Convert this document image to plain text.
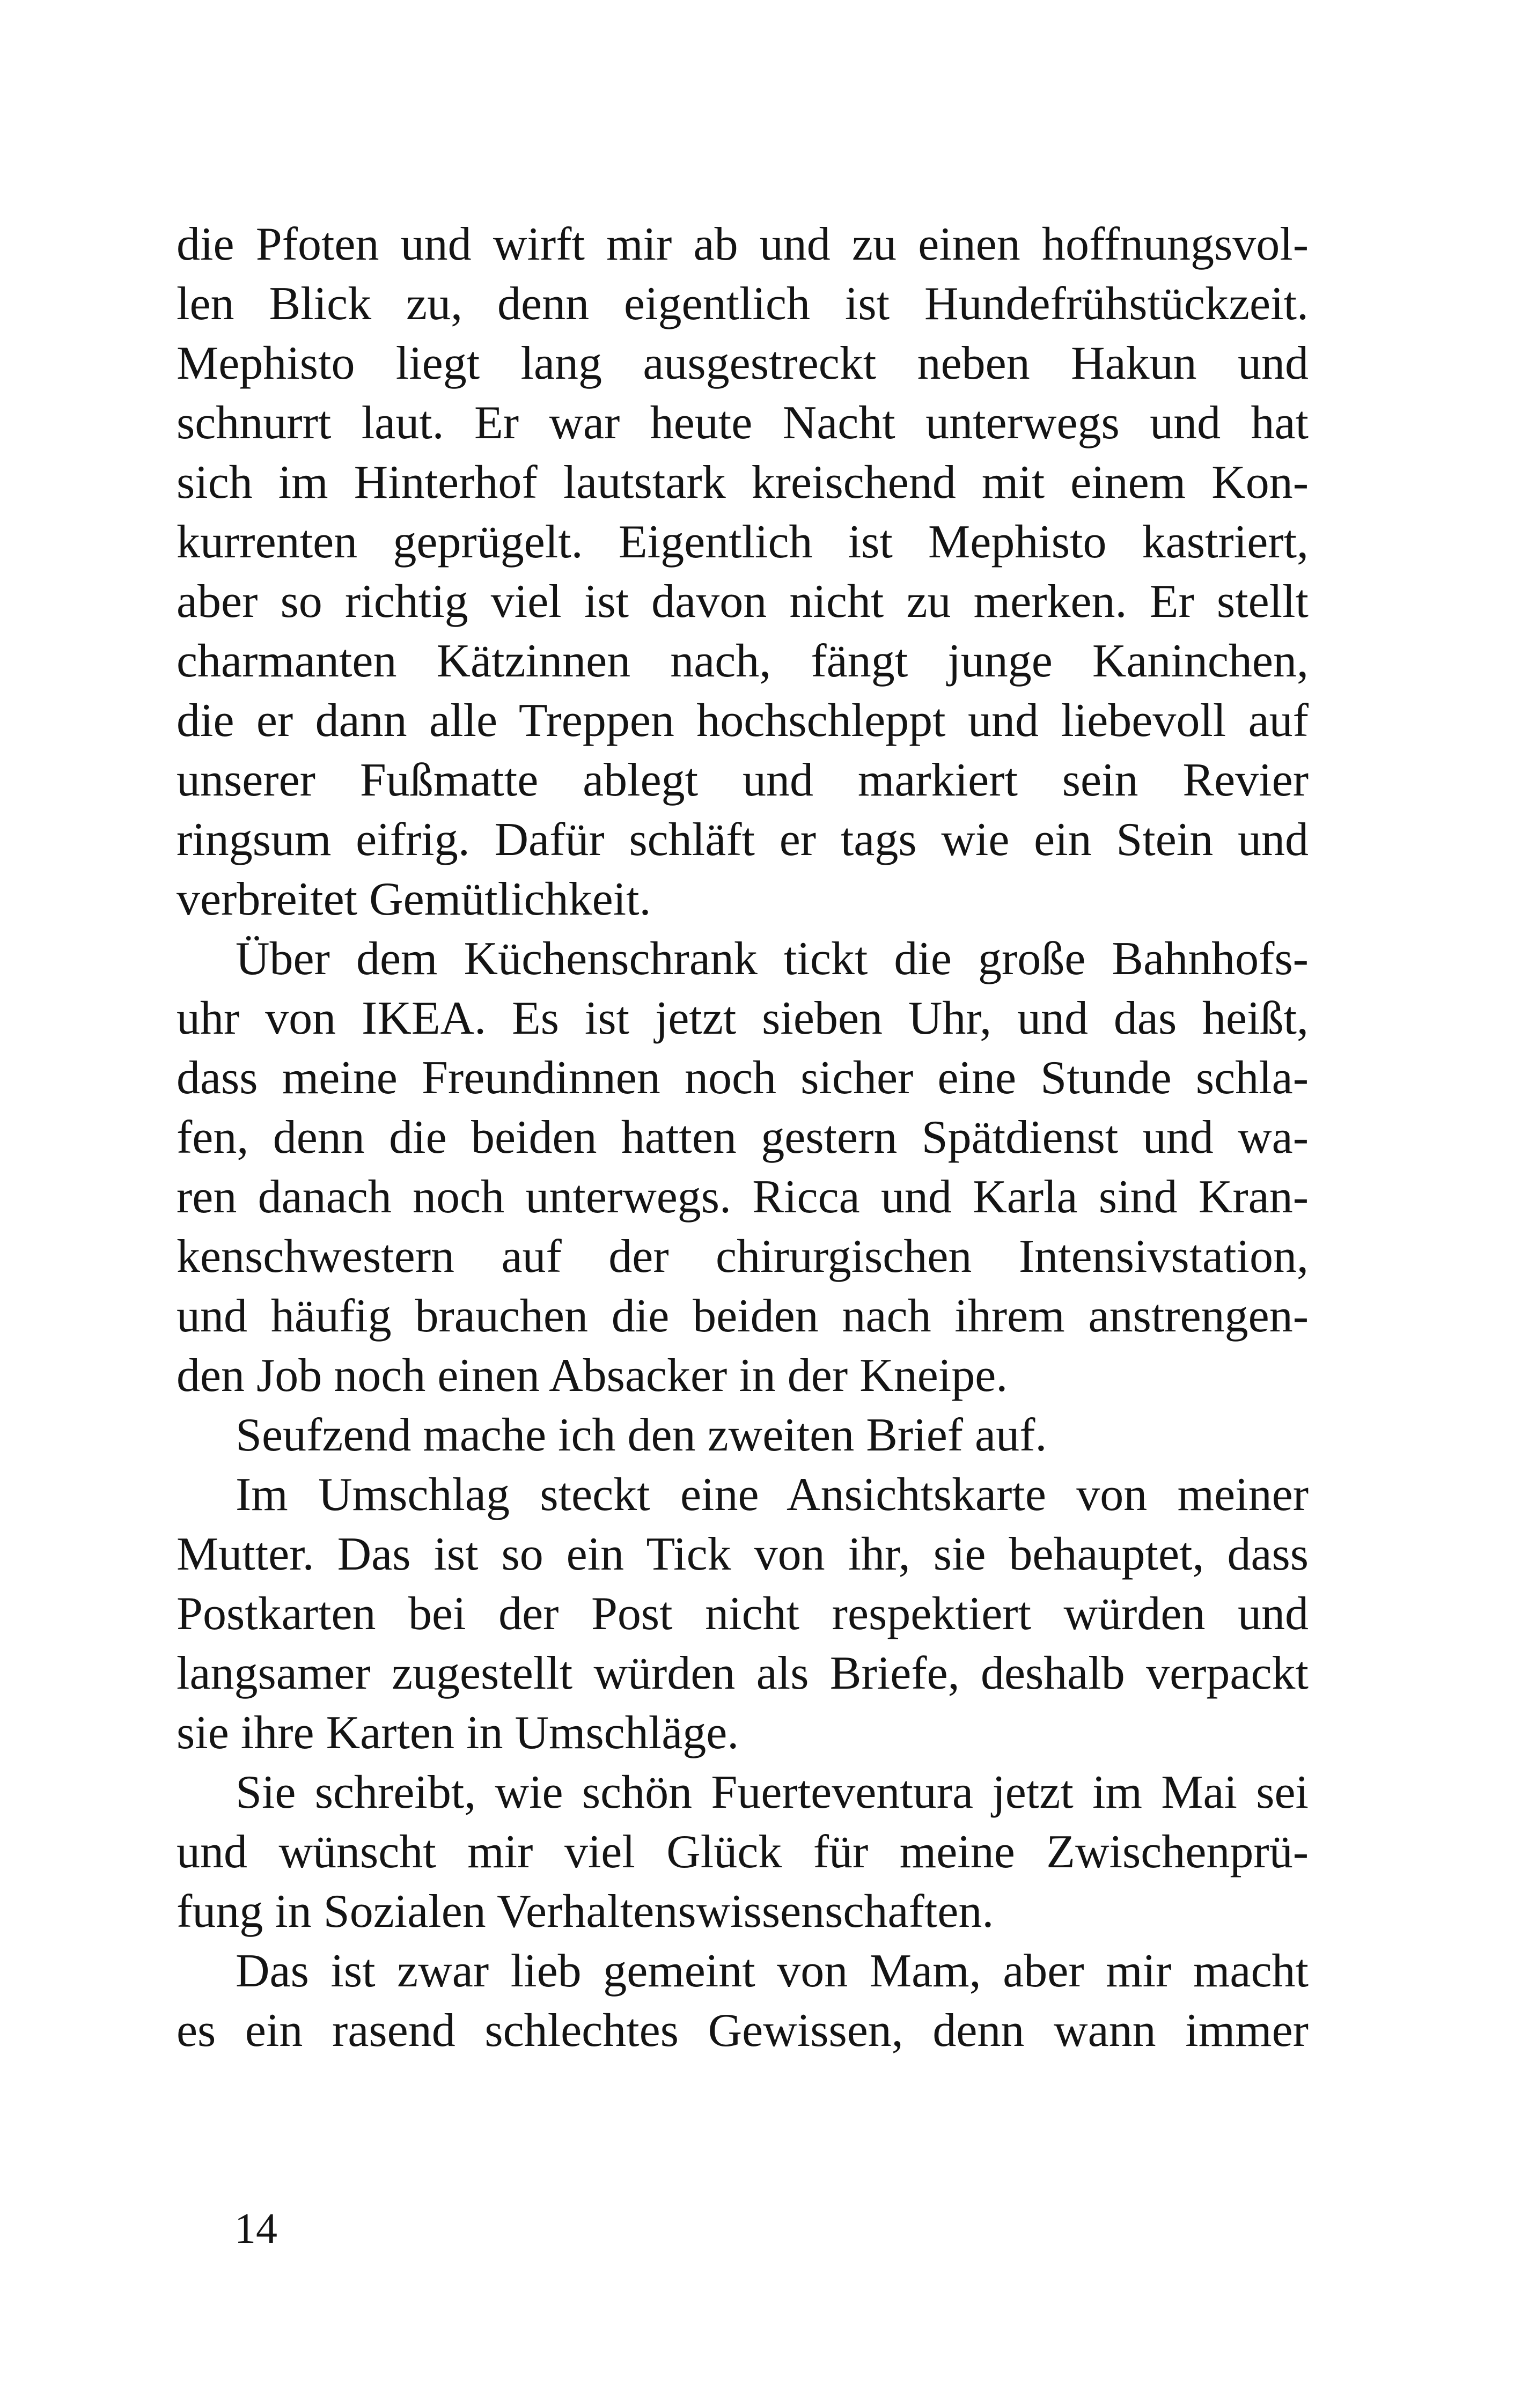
die Pfoten und wirft mir ab und zu einen hoffnungsvol-
len Blick zu, denn eigentlich ist Hundefrühstückzeit.
Mephisto liegt lang ausgestreckt neben Hakun und
schnurrt laut. Er war heute Nacht unterwegs und hat
sich im Hinterhof lautstark kreischend mit einem Kon-
kurrenten geprügelt. Eigentlich ist Mephisto kastriert,
aber so richtig viel ist davon nicht zu merken. Er stellt
charmanten Kätzinnen nach, fängt junge Kaninchen,
die er dann alle Treppen hochschleppt und liebevoll auf
unserer Fußmatte ablegt und markiert sein Revier
ringsum eifrig. Dafür schläft er tags wie ein Stein und
verbreitet Gemütlichkeit.
Über dem Küchenschrank tickt die große Bahnhofs-
uhr von IKEA. Es ist jetzt sieben Uhr, und das heißt,
dass meine Freundinnen noch sicher eine Stunde schla-
fen, denn die beiden hatten gestern Spätdienst und wa-
ren danach noch unterwegs. Ricca und Karla sind Kran-
kenschwestern auf der chirurgischen Intensivstation,
und häufig brauchen die beiden nach ihrem anstrengen-
den Job noch einen Absacker in der Kneipe.
Seufzend mache ich den zweiten Brief auf.
Im Umschlag steckt eine Ansichtskarte von meiner
Mutter. Das ist so ein Tick von ihr, sie behauptet, dass
Postkarten bei der Post nicht respektiert würden und
langsamer zugestellt würden als Briefe, deshalb verpackt
sie ihre Karten in Umschläge.
Sie schreibt, wie schön Fuerteventura jetzt im Mai sei
und wünscht mir viel Glück für meine Zwischenprü-
fung in Sozialen Verhaltenswissenschaften.
Das ist zwar lieb gemeint von Mam, aber mir macht
es ein rasend schlechtes Gewissen, denn wann immer
14
